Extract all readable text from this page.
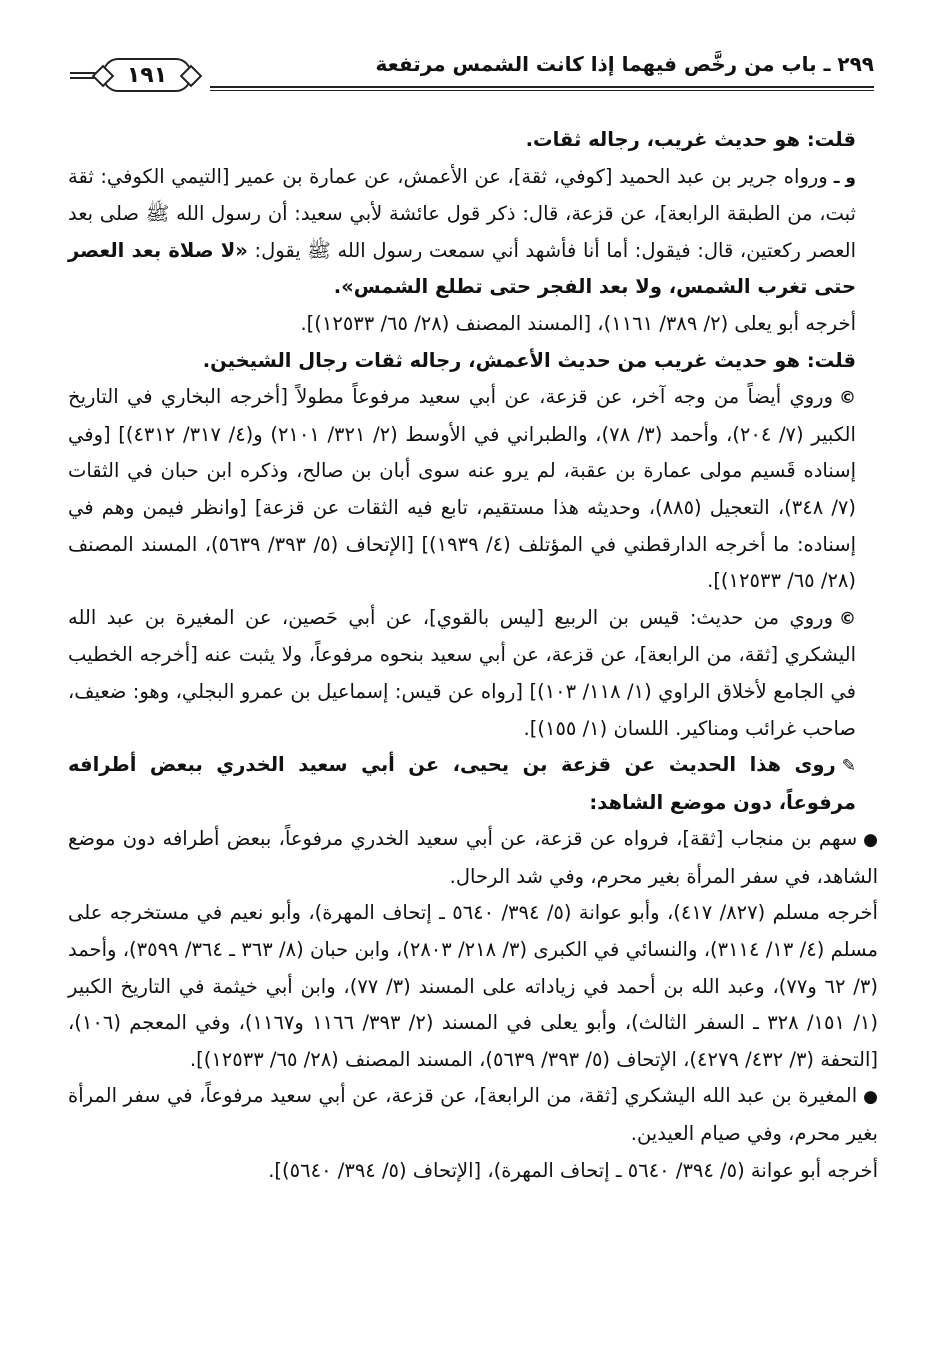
٢٩٩ ـ باب من رخَّص فيهما إذا كانت الشمس مرتفعة
١٩١

قلت: هو حديث غريب، رجاله ثقات.

و ـورواه جرير بن عبد الحميد [كوفي، ثقة]، عن الأعمش، عن عمارة بن عمير [التيمي الكوفي: ثقة ثبت، من الطبقة الرابعة]، عن قزعة، قال: ذكر قول عائشة لأبي سعيد: أن رسول الله ﷺ صلى بعد العصر ركعتين، قال: فيقول: أما أنا فأشهد أني سمعت رسول الله ﷺ يقول: «لا صلاة بعد العصر حتى تغرب الشمس، ولا بعد الفجر حتى تطلع الشمس».

أخرجه أبو يعلى (٢/ ٣٨٩/ ١١٦١)، [المسند المصنف (٢٨/ ٦٥/ ١٢٥٣٣)].

قلت: هو حديث غريب من حديث الأعمش، رجاله ثقات رجال الشيخين.

©وروي أيضاً من وجه آخر، عن قزعة، عن أبي سعيد مرفوعاً مطولاً [أخرجه البخاري في التاريخ الكبير (٧/ ٢٠٤)، وأحمد (٣/ ٧٨)، والطبراني في الأوسط (٢/ ٣٢١/ ٢١٠١) و(٤/ ٣١٧/ ٤٣١٢)] [وفي إسناده قَسيم مولى عمارة بن عقبة، لم يرو عنه سوى أبان بن صالح، وذكره ابن حبان في الثقات (٧/ ٣٤٨)، التعجيل (٨٨٥)، وحديثه هذا مستقيم، تابع فيه الثقات عن قزعة] [وانظر فيمن وهم في إسناده: ما أخرجه الدارقطني في المؤتلف (٤/ ١٩٣٩)] [الإتحاف (٥/ ٣٩٣/ ٥٦٣٩)، المسند المصنف (٢٨/ ٦٥/ ١٢٥٣٣)].

©وروي من حديث: قيس بن الربيع [ليس بالقوي]، عن أبي حَصين، عن المغيرة بن عبد الله اليشكري [ثقة، من الرابعة]، عن قزعة، عن أبي سعيد بنحوه مرفوعاً، ولا يثبت عنه [أخرجه الخطيب في الجامع لأخلاق الراوي (١/ ١١٨/ ١٠٣)] [رواه عن قيس: إسماعيل بن عمرو البجلي، وهو: ضعيف، صاحب غرائب ومناكير. اللسان (١/ ١٥٥)].

✎روى هذا الحديث عن قزعة بن يحيى، عن أبي سعيد الخدري ببعض أطرافه مرفوعاً، دون موضع الشاهد:

●سهم بن منجاب [ثقة]، فرواه عن قزعة، عن أبي سعيد الخدري مرفوعاً، ببعض أطرافه دون موضع الشاهد، في سفر المرأة بغير محرم، وفي شد الرحال.

أخرجه مسلم (٨٢٧/ ٤١٧)، وأبو عوانة (٥/ ٣٩٤/ ٥٦٤٠ ـ إتحاف المهرة)، وأبو نعيم في مستخرجه على مسلم (٤/ ١٣/ ٣١١٤)، والنسائي في الكبرى (٣/ ٢١٨/ ٢٨٠٣)، وابن حبان (٨/ ٣٦٣ ـ ٣٦٤/ ٣٥٩٩)، وأحمد (٣/ ٦٢ و٧٧)، وعبد الله بن أحمد في زياداته على المسند (٣/ ٧٧)، وابن أبي خيثمة في التاريخ الكبير (١/ ١٥١/ ٣٢٨ ـ السفر الثالث)، وأبو يعلى في المسند (٢/ ٣٩٣/ ١١٦٦ و١١٦٧)، وفي المعجم (١٠٦)، [التحفة (٣/ ٤٣٢/ ٤٢٧٩)، الإتحاف (٥/ ٣٩٣/ ٥٦٣٩)، المسند المصنف (٢٨/ ٦٥/ ١٢٥٣٣)].

●المغيرة بن عبد الله اليشكري [ثقة، من الرابعة]، عن قزعة، عن أبي سعيد مرفوعاً، في سفر المرأة بغير محرم، وفي صيام العيدين.

أخرجه أبو عوانة (٥/ ٣٩٤/ ٥٦٤٠ ـ إتحاف المهرة)، [الإتحاف (٥/ ٣٩٤/ ٥٦٤٠)].
